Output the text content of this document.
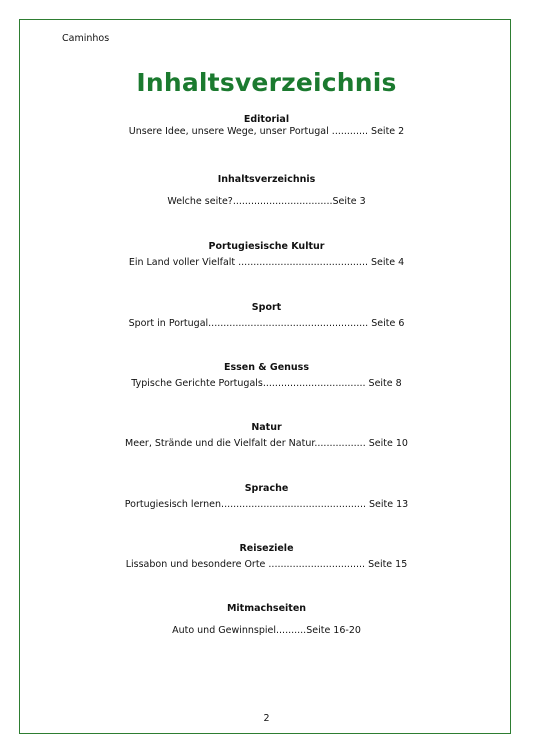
Caminhos
Inhaltsverzeichnis
Editorial
Unsere Idee, unsere Wege, unser Portugal ............ Seite 2
Inhaltsverzeichnis
Welche seite?.................................Seite 3
Portugiesische Kultur
Ein Land voller Vielfalt ........................................... Seite 4
Sport
Sport in Portugal..................................................... Seite 6
Essen & Genuss
Typische Gerichte Portugals.................................. Seite 8
Natur
Meer, Strände und die Vielfalt der Natur................. Seite 10
Sprache
Portugiesisch lernen................................................ Seite 13
Reiseziele
Lissabon und besondere Orte ................................ Seite 15
Mitmachseiten
Auto und Gewinnspiel..........Seite 16-20
2
